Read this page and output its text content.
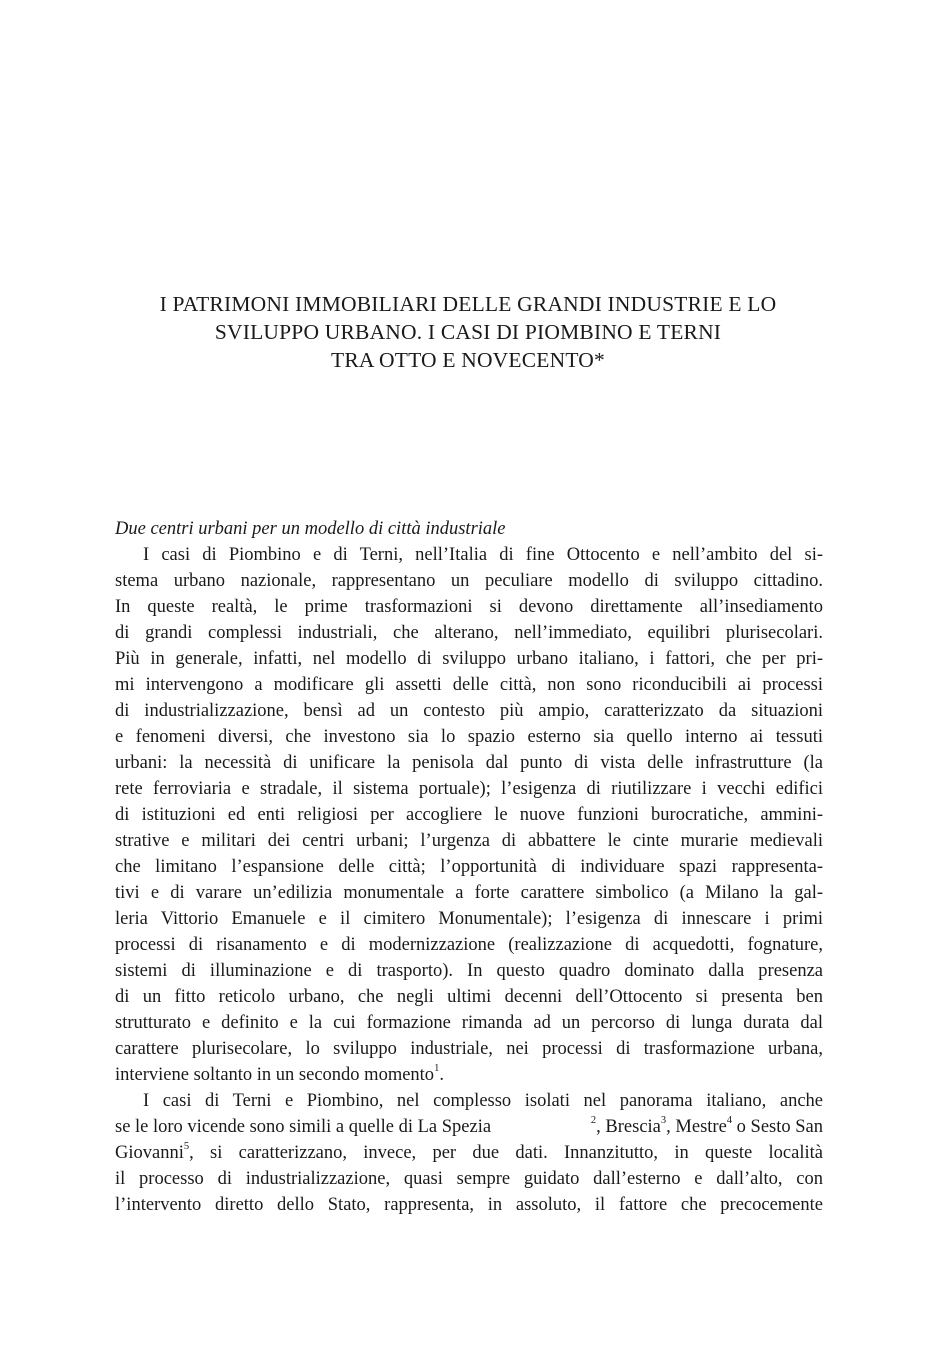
I PATRIMONI IMMOBILIARI DELLE GRANDI INDUSTRIE E LO
SVILUPPO URBANO. I CASI DI PIOMBINO E TERNI
TRA OTTO E NOVECENTO*
Due centri urbani per un modello di città industriale
I casi di Piombino e di Terni, nell’Italia di fine Ottocento e nell’ambito del si-
stema urbano nazionale, rappresentano un peculiare modello di sviluppo cittadino.
In queste realtà, le prime trasformazioni si devono direttamente all’insediamento
di grandi complessi industriali, che alterano, nell’immediato, equilibri plurisecolari.
Più in generale, infatti, nel modello di sviluppo urbano italiano, i fattori, che per pri-
mi intervengono a modificare gli assetti delle città, non sono riconducibili ai processi
di industrializzazione, bensì ad un contesto più ampio, caratterizzato da situazioni
e fenomeni diversi, che investono sia lo spazio esterno sia quello interno ai tessuti
urbani: la necessità di unificare la penisola dal punto di vista delle infrastrutture (la
rete ferroviaria e stradale, il sistema portuale); l’esigenza di riutilizzare i vecchi edifici
di istituzioni ed enti religiosi per accogliere le nuove funzioni burocratiche, ammini-
strative e militari dei centri urbani; l’urgenza di abbattere le cinte murarie medievali
che limitano l’espansione delle città; l’opportunità di individuare spazi rappresenta-
tivi e di varare un’edilizia monumentale a forte carattere simbolico (a Milano la gal-
leria Vittorio Emanuele e il cimitero Monumentale); l’esigenza di innescare i primi
processi di risanamento e di modernizzazione (realizzazione di acquedotti, fognature,
sistemi di illuminazione e di trasporto). In questo quadro dominato dalla presenza
di un fitto reticolo urbano, che negli ultimi decenni dell’Ottocento si presenta ben
strutturato e definito e la cui formazione rimanda ad un percorso di lunga durata dal
carattere plurisecolare, lo sviluppo industriale, nei processi di trasformazione urbana,
interviene soltanto in un secondo momento$^1$.
I casi di Terni e Piombino, nel complesso isolati nel panorama italiano, anche
se le loro vicende sono simili a quelle di La Spezia	$^2$, Brescia$^3$, Mestre$^4$ o Sesto San
Giovanni$^5$, si caratterizzano, invece, per due dati. Innanzitutto, in queste località
il processo di industrializzazione, quasi sempre guidato dall’esterno e dall’alto, con
l’intervento diretto dello Stato, rappresenta, in assoluto, il fattore che precocemente
